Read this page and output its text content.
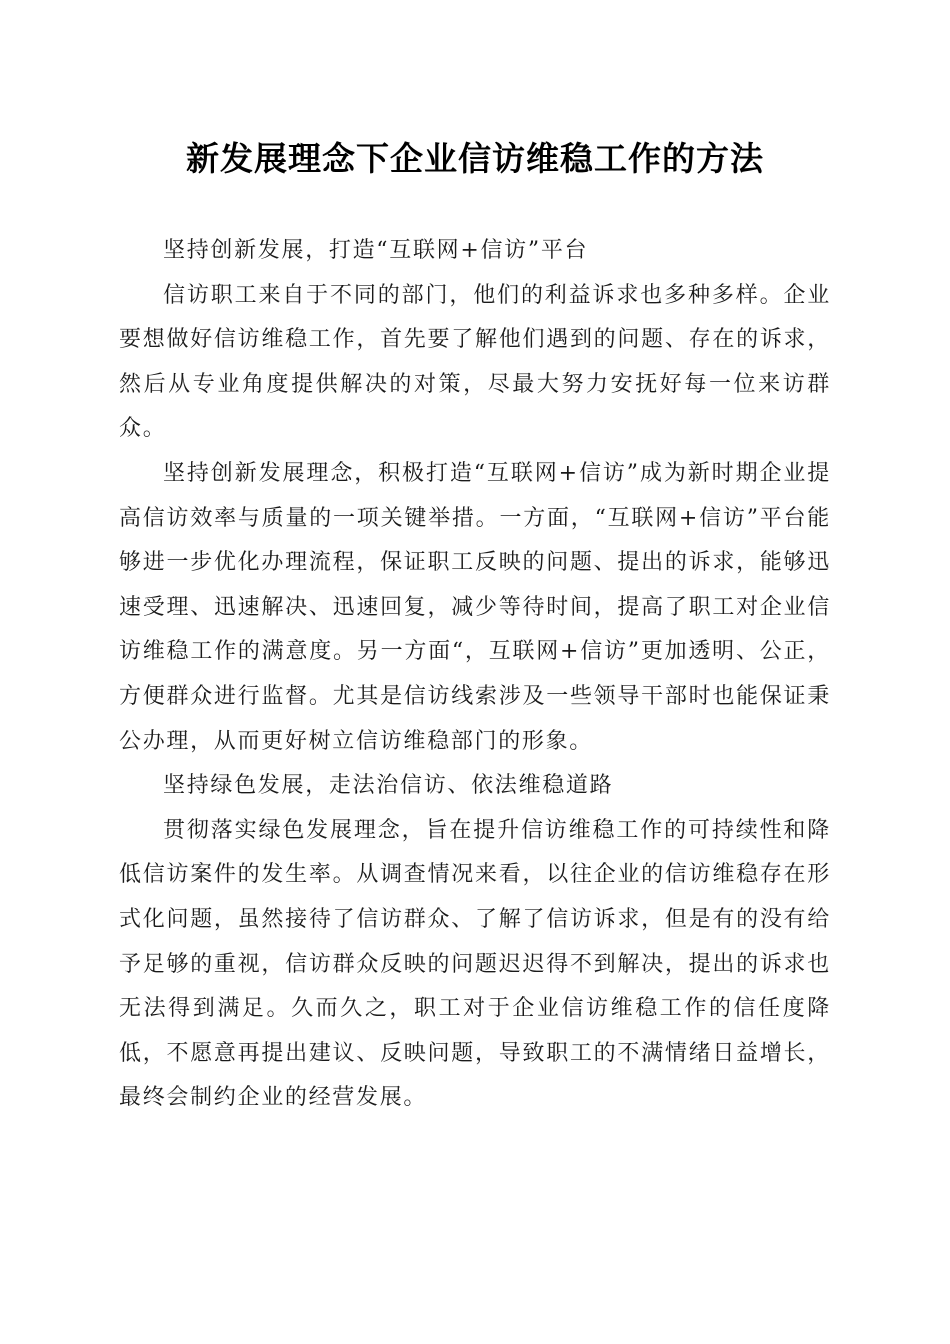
新发展理念下企业信访维稳工作的方法

坚持创新发展，打造“互联网+信访”平台

信访职工来自于不同的部门，他们的利益诉求也多种多样。企业要想做好信访维稳工作，首先要了解他们遇到的问题、存在的诉求，然后从专业角度提供解决的对策，尽最大努力安抚好每一位来访群众。

坚持创新发展理念，积极打造“互联网+信访”成为新时期企业提高信访效率与质量的一项关键举措。一方面，“互联网+信访”平台能够进一步优化办理流程，保证职工反映的问题、提出的诉求，能够迅速受理、迅速解决、迅速回复，减少等待时间，提高了职工对企业信访维稳工作的满意度。另一方面“，互联网+信访”更加透明、公正，方便群众进行监督。尤其是信访线索涉及一些领导干部时也能保证秉公办理，从而更好树立信访维稳部门的形象。

坚持绿色发展，走法治信访、依法维稳道路

贯彻落实绿色发展理念，旨在提升信访维稳工作的可持续性和降低信访案件的发生率。从调查情况来看，以往企业的信访维稳存在形式化问题，虽然接待了信访群众、了解了信访诉求，但是有的没有给予足够的重视，信访群众反映的问题迟迟得不到解决，提出的诉求也无法得到满足。久而久之，职工对于企业信访维稳工作的信任度降低，不愿意再提出建议、反映问题，导致职工的不满情绪日益增长，最终会制约企业的经营发展。
